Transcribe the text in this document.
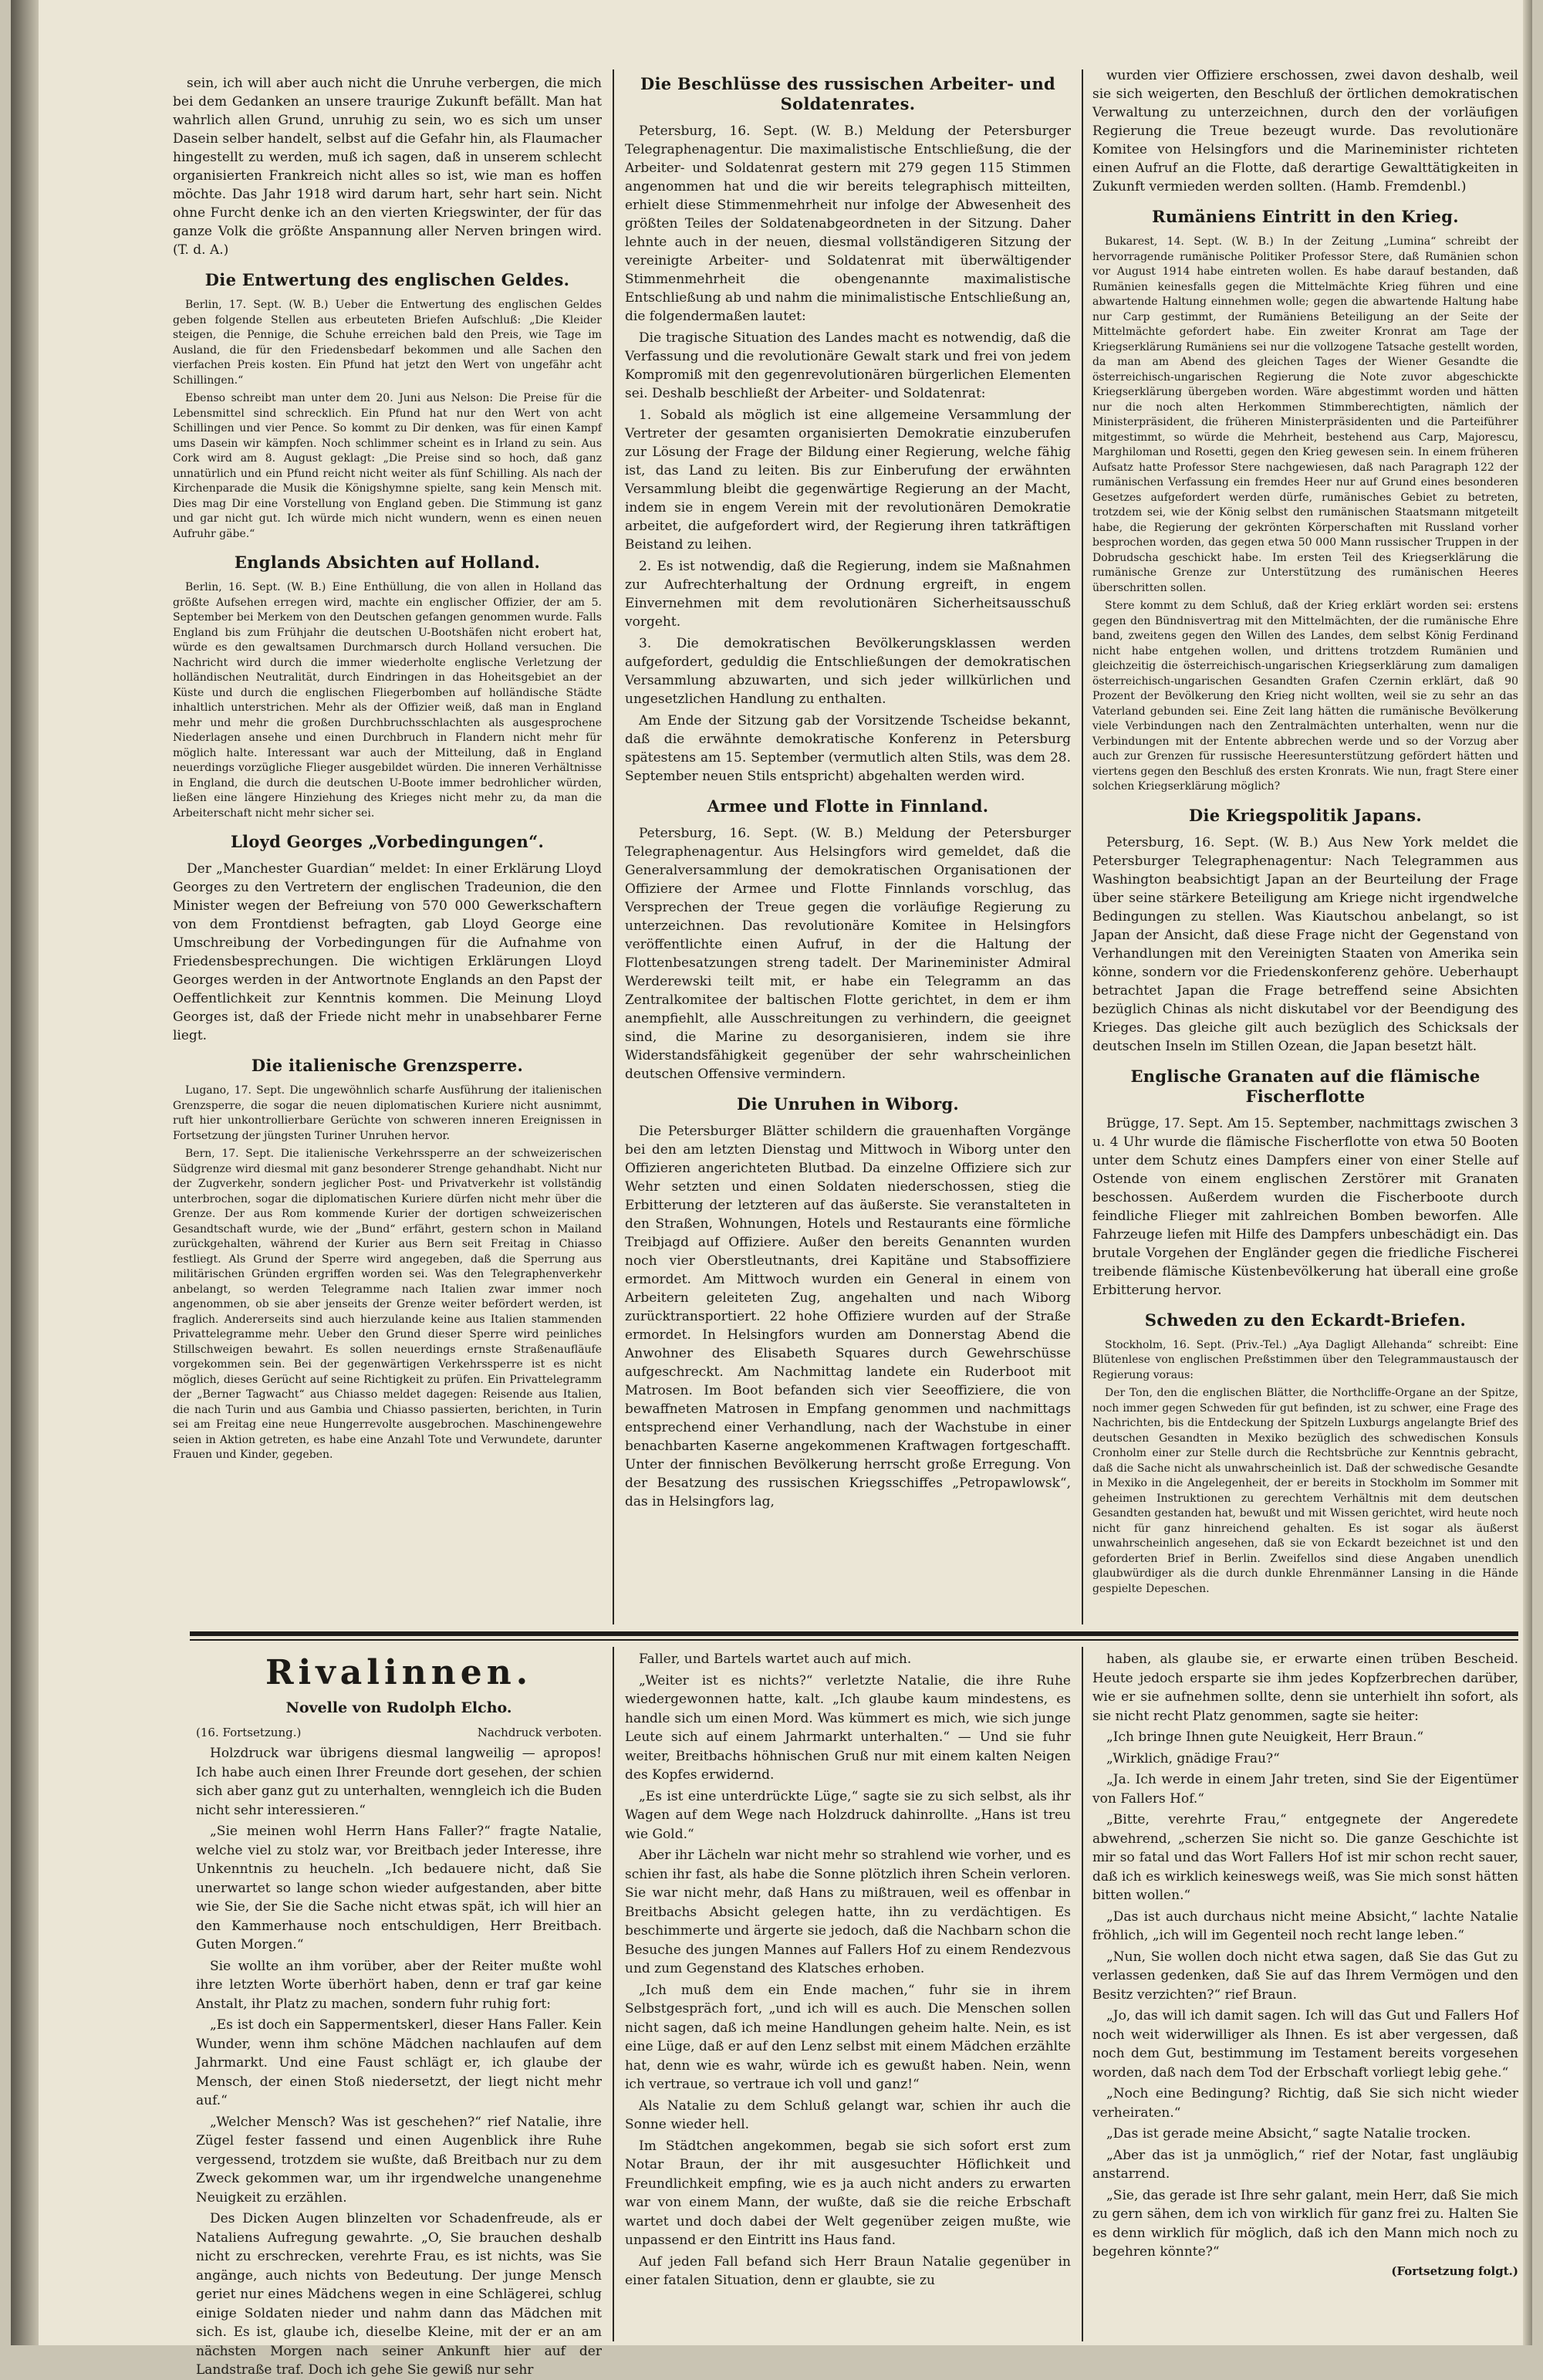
sein, ich will aber auch nicht die Unruhe verbergen, die mich bei dem Gedanken an unsere traurige Zukunft befällt. Man hat wahrlich allen Grund, unruhig zu sein, wo es sich um unser Dasein selber handelt, selbst auf die Gefahr hin, als Flaumacher hingestellt zu werden, muß ich sagen, daß in unserem schlecht organisierten Frankreich nicht alles so ist, wie man es hoffen möchte. Das Jahr 1918 wird darum hart, sehr hart sein. Nicht ohne Furcht denke ich an den vierten Kriegswinter, der für das ganze Volk die größte Anspannung aller Nerven bringen wird. (T. d. A.)

Die Entwertung des englischen Geldes.

Berlin, 17. Sept. (W. B.) Ueber die Entwertung des englischen Geldes geben folgende Stellen aus erbeuteten Briefen Aufschluß: „Die Kleider steigen, die Pennige, die Schuhe erreichen bald den Preis, wie Tage im Ausland, die für den Friedensbedarf bekommen und alle Sachen den vierfachen Preis kosten. Ein Pfund hat jetzt den Wert von ungefähr acht Schillingen.“

Ebenso schreibt man unter dem 20. Juni aus Nelson: Die Preise für die Lebensmittel sind schrecklich. Ein Pfund hat nur den Wert von acht Schillingen und vier Pence. So kommt zu Dir denken, was für einen Kampf ums Dasein wir kämpfen. Noch schlimmer scheint es in Irland zu sein. Aus Cork wird am 8. August geklagt: „Die Preise sind so hoch, daß ganz unnatürlich und ein Pfund reicht nicht weiter als fünf Schilling. Als nach der Kirchenparade die Musik die Königshymne spielte, sang kein Mensch mit. Dies mag Dir eine Vorstellung von England geben. Die Stimmung ist ganz und gar nicht gut. Ich würde mich nicht wundern, wenn es einen neuen Aufruhr gäbe.“

Englands Absichten auf Holland.

Berlin, 16. Sept. (W. B.) Eine Enthüllung, die von allen in Holland das größte Aufsehen erregen wird, machte ein englischer Offizier, der am 5. September bei Merkem von den Deutschen gefangen genommen wurde. Falls England bis zum Frühjahr die deutschen U-Bootshäfen nicht erobert hat, würde es den gewaltsamen Durchmarsch durch Holland versuchen. Die Nachricht wird durch die immer wiederholte englische Verletzung der holländischen Neutralität, durch Eindringen in das Hoheitsgebiet an der Küste und durch die englischen Fliegerbomben auf holländische Städte inhaltlich unterstrichen. Mehr als der Offizier weiß, daß man in England mehr und mehr die großen Durchbruchsschlachten als ausgesprochene Niederlagen ansehe und einen Durchbruch in Flandern nicht mehr für möglich halte. Interessant war auch der Mitteilung, daß in England neuerdings vorzügliche Flieger ausgebildet würden. Die inneren Verhältnisse in England, die durch die deutschen U-Boote immer bedrohlicher würden, ließen eine längere Hinziehung des Krieges nicht mehr zu, da man die Arbeiterschaft nicht mehr sicher sei.

Lloyd Georges „Vorbedingungen“.

Der „Manchester Guardian“ meldet: In einer Erklärung Lloyd Georges zu den Vertretern der englischen Tradeunion, die den Minister wegen der Befreiung von 570 000 Gewerkschaftern von dem Frontdienst befragten, gab Lloyd George eine Umschreibung der Vorbedingungen für die Aufnahme von Friedensbesprechungen. Die wichtigen Erklärungen Lloyd Georges werden in der Antwortnote Englands an den Papst der Oeffentlichkeit zur Kenntnis kommen. Die Meinung Lloyd Georges ist, daß der Friede nicht mehr in unabsehbarer Ferne liegt.

Die italienische Grenzsperre.

Lugano, 17. Sept. Die ungewöhnlich scharfe Ausführung der italienischen Grenzsperre, die sogar die neuen diplomatischen Kuriere nicht ausnimmt, ruft hier unkontrollierbare Gerüchte von schweren inneren Ereignissen in Fortsetzung der jüngsten Turiner Unruhen hervor.

Bern, 17. Sept. Die italienische Verkehrssperre an der schweizerischen Südgrenze wird diesmal mit ganz besonderer Strenge gehandhabt. Nicht nur der Zugverkehr, sondern jeglicher Post- und Privatverkehr ist vollständig unterbrochen, sogar die diplomatischen Kuriere dürfen nicht mehr über die Grenze. Der aus Rom kommende Kurier der dortigen schweizerischen Gesandtschaft wurde, wie der „Bund“ erfährt, gestern schon in Mailand zurückgehalten, während der Kurier aus Bern seit Freitag in Chiasso festliegt. Als Grund der Sperre wird angegeben, daß die Sperrung aus militärischen Gründen ergriffen worden sei. Was den Telegraphenverkehr anbelangt, so werden Telegramme nach Italien zwar immer noch angenommen, ob sie aber jenseits der Grenze weiter befördert werden, ist fraglich. Andererseits sind auch hierzulande keine aus Italien stammenden Privattelegramme mehr. Ueber den Grund dieser Sperre wird peinliches Stillschweigen bewahrt. Es sollen neuerdings ernste Straßenaufläufe vorgekommen sein. Bei der gegenwärtigen Verkehrssperre ist es nicht möglich, dieses Gerücht auf seine Richtigkeit zu prüfen. Ein Privattelegramm der „Berner Tagwacht“ aus Chiasso meldet dagegen: Reisende aus Italien, die nach Turin und aus Gambia und Chiasso passierten, berichten, in Turin sei am Freitag eine neue Hungerrevolte ausgebrochen. Maschinengewehre seien in Aktion getreten, es habe eine Anzahl Tote und Verwundete, darunter Frauen und Kinder, gegeben.

Die Beschlüsse des russischen Arbeiter- und Soldatenrates.

Petersburg, 16. Sept. (W. B.) Meldung der Petersburger Telegraphenagentur. Die maximalistische Entschließung, die der Arbeiter- und Soldatenrat gestern mit 279 gegen 115 Stimmen angenommen hat und die wir bereits telegraphisch mitteilten, erhielt diese Stimmenmehrheit nur infolge der Abwesenheit des größten Teiles der Soldatenabgeordneten in der Sitzung. Daher lehnte auch in der neuen, diesmal vollständigeren Sitzung der vereinigte Arbeiter- und Soldatenrat mit überwältigender Stimmenmehrheit die obengenannte maximalistische Entschließung ab und nahm die minimalistische Entschließung an, die folgendermaßen lautet:

Die tragische Situation des Landes macht es notwendig, daß die Verfassung und die revolutionäre Gewalt stark und frei von jedem Kompromiß mit den gegenrevolutionären bürgerlichen Elementen sei. Deshalb beschließt der Arbeiter- und Soldatenrat:

1. Sobald als möglich ist eine allgemeine Versammlung der Vertreter der gesamten organisierten Demokratie einzuberufen zur Lösung der Frage der Bildung einer Regierung, welche fähig ist, das Land zu leiten. Bis zur Einberufung der erwähnten Versammlung bleibt die gegenwärtige Regierung an der Macht, indem sie in engem Verein mit der revolutionären Demokratie arbeitet, die aufgefordert wird, der Regierung ihren tatkräftigen Beistand zu leihen.

2. Es ist notwendig, daß die Regierung, indem sie Maßnahmen zur Aufrechterhaltung der Ordnung ergreift, in engem Einvernehmen mit dem revolutionären Sicherheitsausschuß vorgeht.

3. Die demokratischen Bevölkerungsklassen werden aufgefordert, geduldig die Entschließungen der demokratischen Versammlung abzuwarten, und sich jeder willkürlichen und ungesetzlichen Handlung zu enthalten.

Am Ende der Sitzung gab der Vorsitzende Tscheidse bekannt, daß die erwähnte demokratische Konferenz in Petersburg spätestens am 15. September (vermutlich alten Stils, was dem 28. September neuen Stils entspricht) abgehalten werden wird.

Armee und Flotte in Finnland.

Petersburg, 16. Sept. (W. B.) Meldung der Petersburger Telegraphenagentur. Aus Helsingfors wird gemeldet, daß die Generalversammlung der demokratischen Organisationen der Offiziere der Armee und Flotte Finnlands vorschlug, das Versprechen der Treue gegen die vorläufige Regierung zu unterzeichnen. Das revolutionäre Komitee in Helsingfors veröffentlichte einen Aufruf, in der die Haltung der Flottenbesatzungen streng tadelt. Der Marineminister Admiral Werderewski teilt mit, er habe ein Telegramm an das Zentralkomitee der baltischen Flotte gerichtet, in dem er ihm anempfiehlt, alle Ausschreitungen zu verhindern, die geeignet sind, die Marine zu desorganisieren, indem sie ihre Widerstandsfähigkeit gegenüber der sehr wahrscheinlichen deutschen Offensive vermindern.

Die Unruhen in Wiborg.

Die Petersburger Blätter schildern die grauenhaften Vorgänge bei den am letzten Dienstag und Mittwoch in Wiborg unter den Offizieren angerichteten Blutbad. Da einzelne Offiziere sich zur Wehr setzten und einen Soldaten niederschossen, stieg die Erbitterung der letzteren auf das äußerste. Sie veranstalteten in den Straßen, Wohnungen, Hotels und Restaurants eine förmliche Treibjagd auf Offiziere. Außer den bereits Genannten wurden noch vier Oberstleutnants, drei Kapitäne und Stabsoffiziere ermordet. Am Mittwoch wurden ein General in einem von Arbeitern geleiteten Zug, angehalten und nach Wiborg zurücktransportiert. 22 hohe Offiziere wurden auf der Straße ermordet. In Helsingfors wurden am Donnerstag Abend die Anwohner des Elisabeth Squares durch Gewehrschüsse aufgeschreckt. Am Nachmittag landete ein Ruderboot mit Matrosen. Im Boot befanden sich vier Seeoffiziere, die von bewaffneten Matrosen in Empfang genommen und nachmittags entsprechend einer Verhandlung, nach der Wachstube in einer benachbarten Kaserne angekommenen Kraftwagen fortgeschafft. Unter der finnischen Bevölkerung herrscht große Erregung. Von der Besatzung des russischen Kriegsschiffes „Petropawlowsk“, das in Helsingfors lag,

wurden vier Offiziere erschossen, zwei davon deshalb, weil sie sich weigerten, den Beschluß der örtlichen demokratischen Verwaltung zu unterzeichnen, durch den der vorläufigen Regierung die Treue bezeugt wurde. Das revolutionäre Komitee von Helsingfors und die Marineminister richteten einen Aufruf an die Flotte, daß derartige Gewalttätigkeiten in Zukunft vermieden werden sollten. (Hamb. Fremdenbl.)

Rumäniens Eintritt in den Krieg.

Bukarest, 14. Sept. (W. B.) In der Zeitung „Lumina“ schreibt der hervorragende rumänische Politiker Professor Stere, daß Rumänien schon vor August 1914 habe eintreten wollen. Es habe darauf bestanden, daß Rumänien keinesfalls gegen die Mittelmächte Krieg führen und eine abwartende Haltung einnehmen wolle; gegen die abwartende Haltung habe nur Carp gestimmt, der Rumäniens Beteiligung an der Seite der Mittelmächte gefordert habe. Ein zweiter Kronrat am Tage der Kriegserklärung Rumäniens sei nur die vollzogene Tatsache gestellt worden, da man am Abend des gleichen Tages der Wiener Gesandte die österreichisch-ungarischen Regierung die Note zuvor abgeschickte Kriegserklärung übergeben worden. Wäre abgestimmt worden und hätten nur die noch alten Herkommen Stimmberechtigten, nämlich der Ministerpräsident, die früheren Ministerpräsidenten und die Parteiführer mitgestimmt, so würde die Mehrheit, bestehend aus Carp, Majorescu, Marghiloman und Rosetti, gegen den Krieg gewesen sein. In einem früheren Aufsatz hatte Professor Stere nachgewiesen, daß nach Paragraph 122 der rumänischen Verfassung ein fremdes Heer nur auf Grund eines besonderen Gesetzes aufgefordert werden dürfe, rumänisches Gebiet zu betreten, trotzdem sei, wie der König selbst den rumänischen Staatsmann mitgeteilt habe, die Regierung der gekrönten Körperschaften mit Russland vorher besprochen worden, das gegen etwa 50 000 Mann russischer Truppen in der Dobrudscha geschickt habe. Im ersten Teil des Kriegserklärung die rumänische Grenze zur Unterstützung des rumänischen Heeres überschritten sollen.

Stere kommt zu dem Schluß, daß der Krieg erklärt worden sei: erstens gegen den Bündnisvertrag mit den Mittelmächten, der die rumänische Ehre band, zweitens gegen den Willen des Landes, dem selbst König Ferdinand nicht habe entgehen wollen, und drittens trotzdem Rumänien und gleichzeitig die österreichisch-ungarischen Kriegserklärung zum damaligen österreichisch-ungarischen Gesandten Grafen Czernin erklärt, daß 90 Prozent der Bevölkerung den Krieg nicht wollten, weil sie zu sehr an das Vaterland gebunden sei. Eine Zeit lang hätten die rumänische Bevölkerung viele Verbindungen nach den Zentralmächten unterhalten, wenn nur die Verbindungen mit der Entente abbrechen werde und so der Vorzug aber auch zur Grenzen für russische Heeresunterstützung gefördert hätten und viertens gegen den Beschluß des ersten Kronrats. Wie nun, fragt Stere einer solchen Kriegserklärung möglich?

Die Kriegspolitik Japans.

Petersburg, 16. Sept. (W. B.) Aus New York meldet die Petersburger Telegraphenagentur: Nach Telegrammen aus Washington beabsichtigt Japan an der Beurteilung der Frage über seine stärkere Beteiligung am Kriege nicht irgendwelche Bedingungen zu stellen. Was Kiautschou anbelangt, so ist Japan der Ansicht, daß diese Frage nicht der Gegenstand von Verhandlungen mit den Vereinigten Staaten von Amerika sein könne, sondern vor die Friedenskonferenz gehöre. Ueberhaupt betrachtet Japan die Frage betreffend seine Absichten bezüglich Chinas als nicht diskutabel vor der Beendigung des Krieges. Das gleiche gilt auch bezüglich des Schicksals der deutschen Inseln im Stillen Ozean, die Japan besetzt hält.

Englische Granaten auf die flämische Fischerflotte

Brügge, 17. Sept. Am 15. September, nachmittags zwischen 3 u. 4 Uhr wurde die flämische Fischerflotte von etwa 50 Booten unter dem Schutz eines Dampfers einer von einer Stelle auf Ostende von einem englischen Zerstörer mit Granaten beschossen. Außerdem wurden die Fischerboote durch feindliche Flieger mit zahlreichen Bomben beworfen. Alle Fahrzeuge liefen mit Hilfe des Dampfers unbeschädigt ein. Das brutale Vorgehen der Engländer gegen die friedliche Fischerei treibende flämische Küstenbevölkerung hat überall eine große Erbitterung hervor.

Schweden zu den Eckardt-Briefen.

Stockholm, 16. Sept. (Priv.-Tel.) „Aya Dagligt Allehanda“ schreibt: Eine Blütenlese von englischen Preßstimmen über den Telegrammaustausch der Regierung voraus:

Der Ton, den die englischen Blätter, die Northcliffe-Organe an der Spitze, noch immer gegen Schweden für gut befinden, ist zu schwer, eine Frage des Nachrichten, bis die Entdeckung der Spitzeln Luxburgs angelangte Brief des deutschen Gesandten in Mexiko bezüglich des schwedischen Konsuls Cronholm einer zur Stelle durch die Rechtsbrüche zur Kenntnis gebracht, daß die Sache nicht als unwahrscheinlich ist. Daß der schwedische Gesandte in Mexiko in die Angelegenheit, der er bereits in Stockholm im Sommer mit geheimen Instruktionen zu gerechtem Verhältnis mit dem deutschen Gesandten gestanden hat, bewußt und mit Wissen gerichtet, wird heute noch nicht für ganz hinreichend gehalten. Es ist sogar als äußerst unwahrscheinlich angesehen, daß sie von Eckardt bezeichnet ist und den geforderten Brief in Berlin. Zweifellos sind diese Angaben unendlich glaubwürdiger als die durch dunkle Ehrenmänner Lansing in die Hände gespielte Depeschen.

Rivalinnen.
Novelle von Rudolph Elcho.
(16. Fortsetzung.)	Nachdruck verboten.

Holzdruck war übrigens diesmal langweilig — apropos! Ich habe auch einen Ihrer Freunde dort gesehen, der schien sich aber ganz gut zu unterhalten, wenngleich ich die Buden nicht sehr interessieren.“

„Sie meinen wohl Herrn Hans Faller?“ fragte Natalie, welche viel zu stolz war, vor Breitbach jeder Interesse, ihre Unkenntnis zu heucheln. „Ich bedauere nicht, daß Sie unerwartet so lange schon wieder aufgestanden, aber bitte wie Sie, der Sie die Sache nicht etwas spät, ich will hier an den Kammerhause noch entschuldigen, Herr Breitbach. Guten Morgen.“

Sie wollte an ihm vorüber, aber der Reiter mußte wohl ihre letzten Worte überhört haben, denn er traf gar keine Anstalt, ihr Platz zu machen, sondern fuhr ruhig fort:

„Es ist doch ein Sappermentskerl, dieser Hans Faller. Kein Wunder, wenn ihm schöne Mädchen nachlaufen auf dem Jahrmarkt. Und eine Faust schlägt er, ich glaube der Mensch, der einen Stoß niedersetzt, der liegt nicht mehr auf.“

„Welcher Mensch? Was ist geschehen?“ rief Natalie, ihre Zügel fester fassend und einen Augenblick ihre Ruhe vergessend, trotzdem sie wußte, daß Breitbach nur zu dem Zweck gekommen war, um ihr irgendwelche unangenehme Neuigkeit zu erzählen.

Des Dicken Augen blinzelten vor Schadenfreude, als er Nataliens Aufregung gewahrte. „O, Sie brauchen deshalb nicht zu erschrecken, verehrte Frau, es ist nichts, was Sie angänge, auch nichts von Bedeutung. Der junge Mensch geriet nur eines Mädchens wegen in eine Schlägerei, schlug einige Soldaten nieder und nahm dann das Mädchen mit sich. Es ist, glaube ich, dieselbe Kleine, mit der er an am nächsten Morgen nach seiner Ankunft hier auf der Landstraße traf. Doch ich gehe Sie gewiß nur sehr

Faller, und Bartels wartet auch auf mich.

„Weiter ist es nichts?“ verletzte Natalie, die ihre Ruhe wiedergewonnen hatte, kalt. „Ich glaube kaum mindestens, es handle sich um einen Mord. Was kümmert es mich, wie sich junge Leute sich auf einem Jahrmarkt unterhalten.“ — Und sie fuhr weiter, Breitbachs höhnischen Gruß nur mit einem kalten Neigen des Kopfes erwidernd.

„Es ist eine unterdrückte Lüge,“ sagte sie zu sich selbst, als ihr Wagen auf dem Wege nach Holzdruck dahinrollte. „Hans ist treu wie Gold.“

Aber ihr Lächeln war nicht mehr so strahlend wie vorher, und es schien ihr fast, als habe die Sonne plötzlich ihren Schein verloren. Sie war nicht mehr, daß Hans zu mißtrauen, weil es offenbar in Breitbachs Absicht gelegen hatte, ihn zu verdächtigen. Es beschimmerte und ärgerte sie jedoch, daß die Nachbarn schon die Besuche des jungen Mannes auf Fallers Hof zu einem Rendezvous und zum Gegenstand des Klatsches erhoben.

„Ich muß dem ein Ende machen,“ fuhr sie in ihrem Selbstgespräch fort, „und ich will es auch. Die Menschen sollen nicht sagen, daß ich meine Handlungen geheim halte. Nein, es ist eine Lüge, daß er auf den Lenz selbst mit einem Mädchen erzählte hat, denn wie es wahr, würde ich es gewußt haben. Nein, wenn ich vertraue, so vertraue ich voll und ganz!“

Als Natalie zu dem Schluß gelangt war, schien ihr auch die Sonne wieder hell.

Im Städtchen angekommen, begab sie sich sofort erst zum Notar Braun, der ihr mit ausgesuchter Höflichkeit und Freundlichkeit empfing, wie es ja auch nicht anders zu erwarten war von einem Mann, der wußte, daß sie die reiche Erbschaft wartet und doch dabei der Welt gegenüber zeigen mußte, wie unpassend er den Eintritt ins Haus fand.

Auf jeden Fall befand sich Herr Braun Natalie gegenüber in einer fatalen Situation, denn er glaubte, sie zu

haben, als glaube sie, er erwarte einen trüben Bescheid. Heute jedoch ersparte sie ihm jedes Kopfzerbrechen darüber, wie er sie aufnehmen sollte, denn sie unterhielt ihn sofort, als sie nicht recht Platz genommen, sagte sie heiter:

„Ich bringe Ihnen gute Neuigkeit, Herr Braun.“

„Wirklich, gnädige Frau?“

„Ja. Ich werde in einem Jahr treten, sind Sie der Eigentümer von Fallers Hof.“

„Bitte, verehrte Frau,“ entgegnete der Angeredete abwehrend, „scherzen Sie nicht so. Die ganze Geschichte ist mir so fatal und das Wort Fallers Hof ist mir schon recht sauer, daß ich es wirklich keineswegs weiß, was Sie mich sonst hätten bitten wollen.“

„Das ist auch durchaus nicht meine Absicht,“ lachte Natalie fröhlich, „ich will im Gegenteil noch recht lange leben.“

„Nun, Sie wollen doch nicht etwa sagen, daß Sie das Gut zu verlassen gedenken, daß Sie auf das Ihrem Vermögen und den Besitz verzichten?“ rief Braun.

„Jo, das will ich damit sagen. Ich will das Gut und Fallers Hof noch weit widerwilliger als Ihnen. Es ist aber vergessen, daß noch dem Gut, bestimmung im Testament bereits vorgesehen worden, daß nach dem Tod der Erbschaft vorliegt lebig gehe.“

„Noch eine Bedingung? Richtig, daß Sie sich nicht wieder verheiraten.“

„Das ist gerade meine Absicht,“ sagte Natalie trocken.

„Aber das ist ja unmöglich,“ rief der Notar, fast ungläubig anstarrend.

„Sie, das gerade ist Ihre sehr galant, mein Herr, daß Sie mich zu gern sähen, dem ich von wirklich für ganz frei zu. Halten Sie es denn wirklich für möglich, daß ich den Mann mich noch zu begehren könnte?“

(Fortsetzung folgt.)
